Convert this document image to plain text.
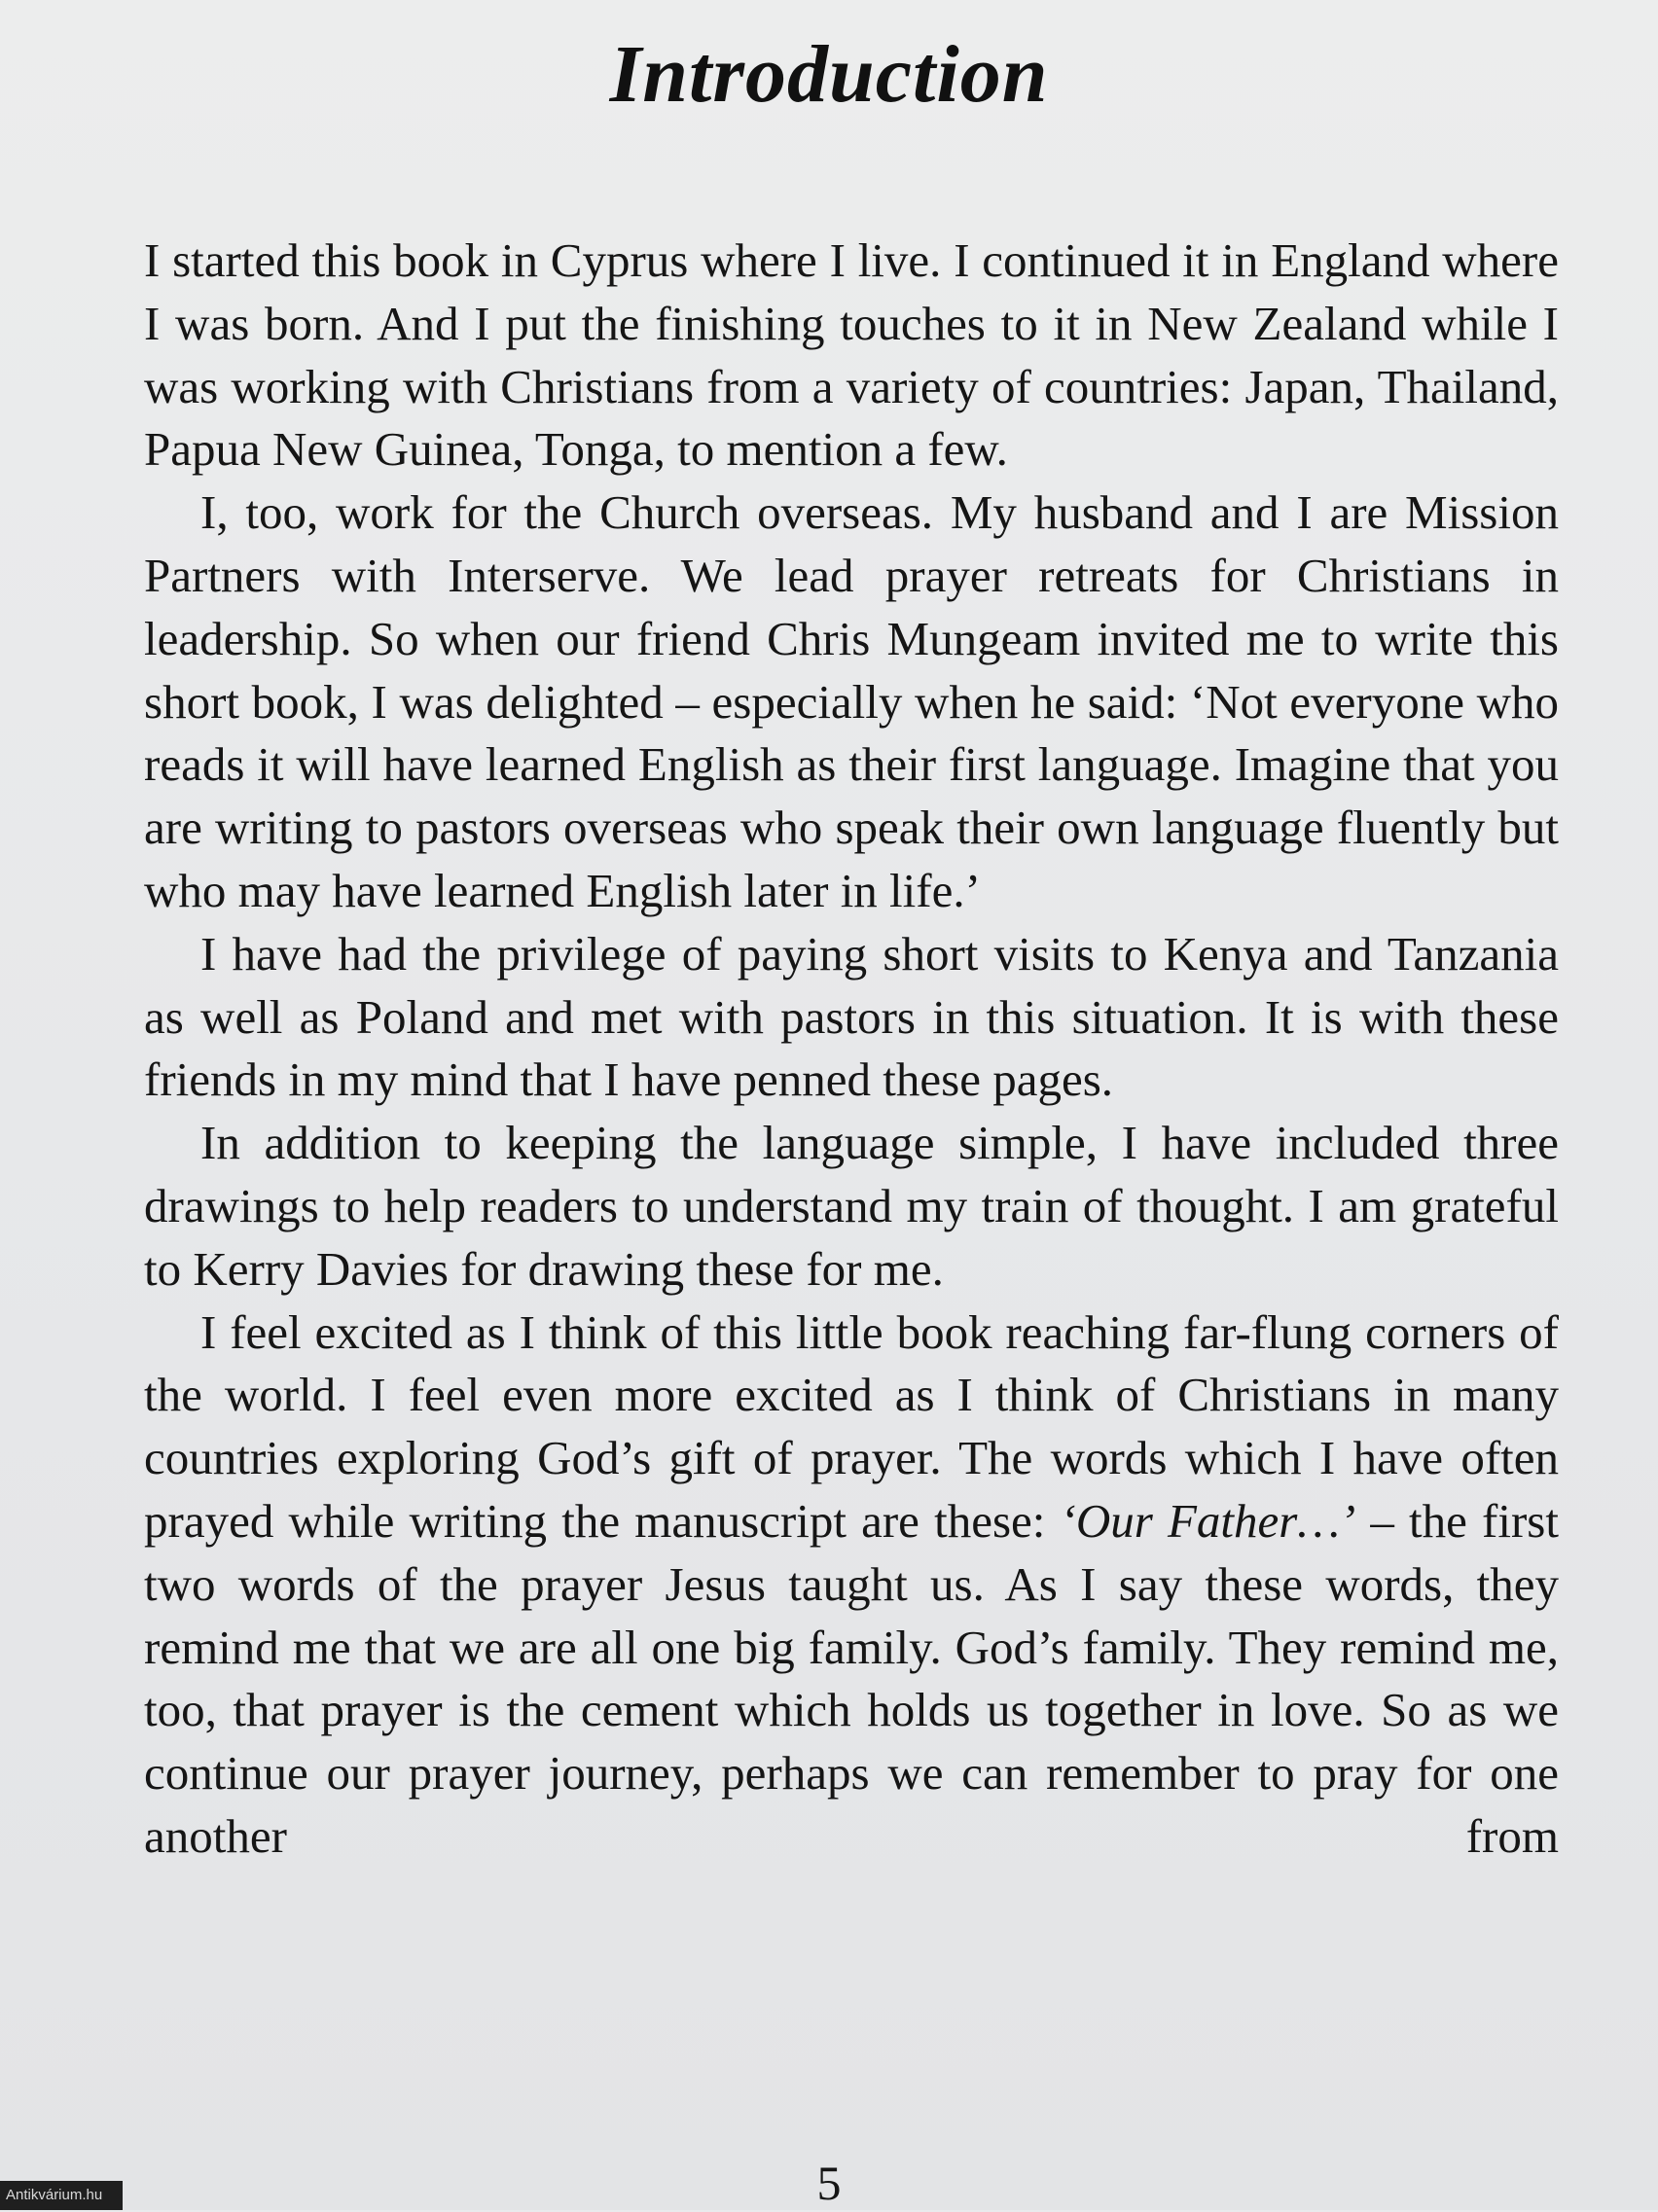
Introduction

I started this book in Cyprus where I live. I continued it in England where I was born. And I put the finishing touches to it in New Zealand while I was working with Christians from a variety of countries: Japan, Thailand, Papua New Guinea, Tonga, to mention a few.

I, too, work for the Church overseas. My husband and I are Mission Partners with Interserve. We lead prayer retreats for Christians in leadership. So when our friend Chris Mungeam invited me to write this short book, I was delighted – especially when he said: ‘Not everyone who reads it will have learned English as their first language. Imagine that you are writing to pastors overseas who speak their own language fluently but who may have learned English later in life.’

I have had the privilege of paying short visits to Kenya and Tanzania as well as Poland and met with pastors in this situation. It is with these friends in my mind that I have penned these pages.

In addition to keeping the language simple, I have included three drawings to help readers to understand my train of thought. I am grateful to Kerry Davies for drawing these for me.

I feel excited as I think of this little book reaching far-flung corners of the world. I feel even more excited as I think of Christians in many countries exploring God’s gift of prayer. The words which I have often prayed while writing the manuscript are these: ‘Our Father…’ – the first two words of the prayer Jesus taught us. As I say these words, they remind me that we are all one big family. God’s family. They remind me, too, that prayer is the cement which holds us together in love. So as we continue our prayer journey, perhaps we can remember to pray for one another from

5
Antikvárium.hu
